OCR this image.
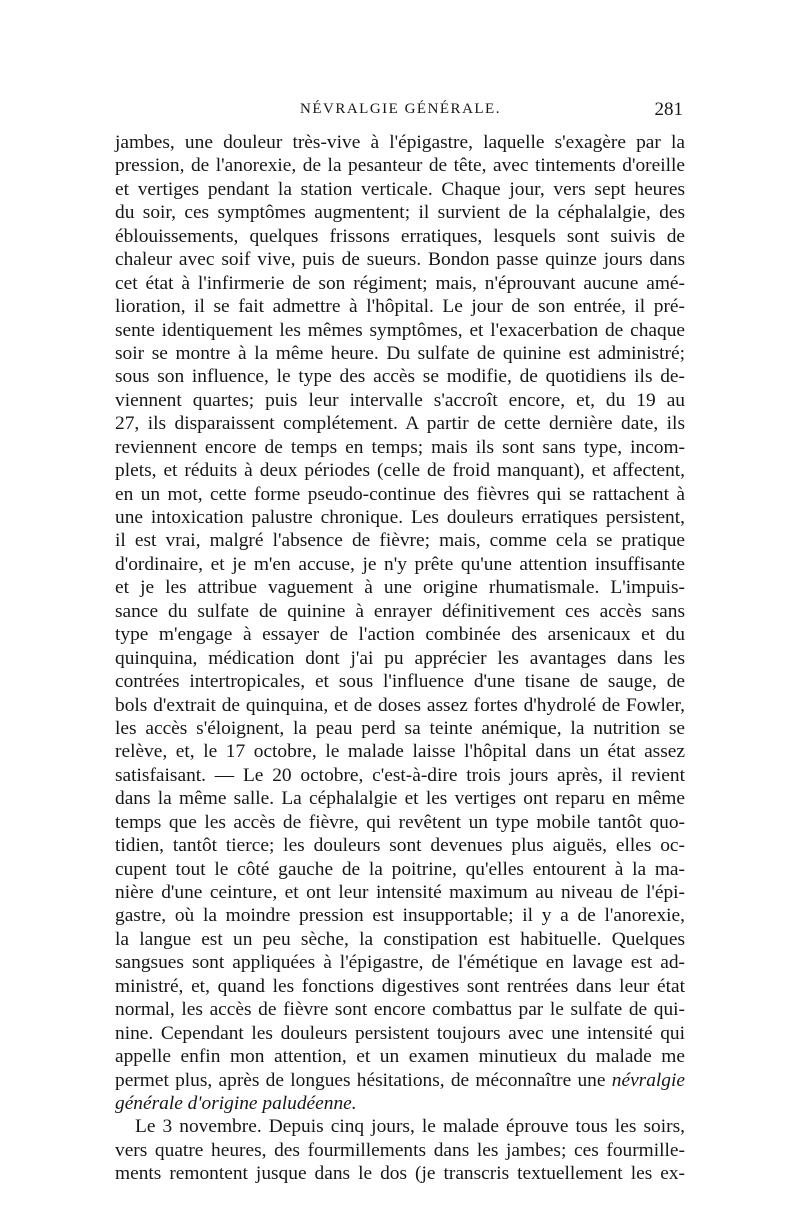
NÉVRALGIE GÉNÉRALE.	281
jambes, une douleur très-vive à l'épigastre, laquelle s'exagère par la
pression, de l'anorexie, de la pesanteur de tête, avec tintements d'oreille
et vertiges pendant la station verticale. Chaque jour, vers sept heures
du soir, ces symptômes augmentent; il survient de la céphalalgie, des
éblouissements, quelques frissons erratiques, lesquels sont suivis de
chaleur avec soif vive, puis de sueurs. Bondon passe quinze jours dans
cet état à l'infirmerie de son régiment; mais, n'éprouvant aucune amé-
lioration, il se fait admettre à l'hôpital. Le jour de son entrée, il pré-
sente identiquement les mêmes symptômes, et l'exacerbation de chaque
soir se montre à la même heure. Du sulfate de quinine est administré;
sous son influence, le type des accès se modifie, de quotidiens ils de-
viennent quartes; puis leur intervalle s'accroît encore, et, du 19 au
27, ils disparaissent complétement. A partir de cette dernière date, ils
reviennent encore de temps en temps; mais ils sont sans type, incom-
plets, et réduits à deux périodes (celle de froid manquant), et affectent,
en un mot, cette forme pseudo-continue des fièvres qui se rattachent à
une intoxication palustre chronique. Les douleurs erratiques persistent,
il est vrai, malgré l'absence de fièvre; mais, comme cela se pratique
d'ordinaire, et je m'en accuse, je n'y prête qu'une attention insuffisante
et je les attribue vaguement à une origine rhumatismale. L'impuis-
sance du sulfate de quinine à enrayer définitivement ces accès sans
type m'engage à essayer de l'action combinée des arsenicaux et du
quinquina, médication dont j'ai pu apprécier les avantages dans les
contrées intertropicales, et sous l'influence d'une tisane de sauge, de
bols d'extrait de quinquina, et de doses assez fortes d'hydrolé de Fowler,
les accès s'éloignent, la peau perd sa teinte anémique, la nutrition se
relève, et, le 17 octobre, le malade laisse l'hôpital dans un état assez
satisfaisant. — Le 20 octobre, c'est-à-dire trois jours après, il revient
dans la même salle. La céphalalgie et les vertiges ont reparu en même
temps que les accès de fièvre, qui revêtent un type mobile tantôt quo-
tidien, tantôt tierce; les douleurs sont devenues plus aiguës, elles oc-
cupent tout le côté gauche de la poitrine, qu'elles entourent à la ma-
nière d'une ceinture, et ont leur intensité maximum au niveau de l'épi-
gastre, où la moindre pression est insupportable; il y a de l'anorexie,
la langue est un peu sèche, la constipation est habituelle. Quelques
sangsues sont appliquées à l'épigastre, de l'émétique en lavage est ad-
ministré, et, quand les fonctions digestives sont rentrées dans leur état
normal, les accès de fièvre sont encore combattus par le sulfate de qui-
nine. Cependant les douleurs persistent toujours avec une intensité qui
appelle enfin mon attention, et un examen minutieux du malade me
permet plus, après de longues hésitations, de méconnaître une névralgie
générale d'origine paludéenne.
Le 3 novembre. Depuis cinq jours, le malade éprouve tous les soirs,
vers quatre heures, des fourmillements dans les jambes; ces fourmille-
ments remontent jusque dans le dos (je transcris textuellement les ex-
